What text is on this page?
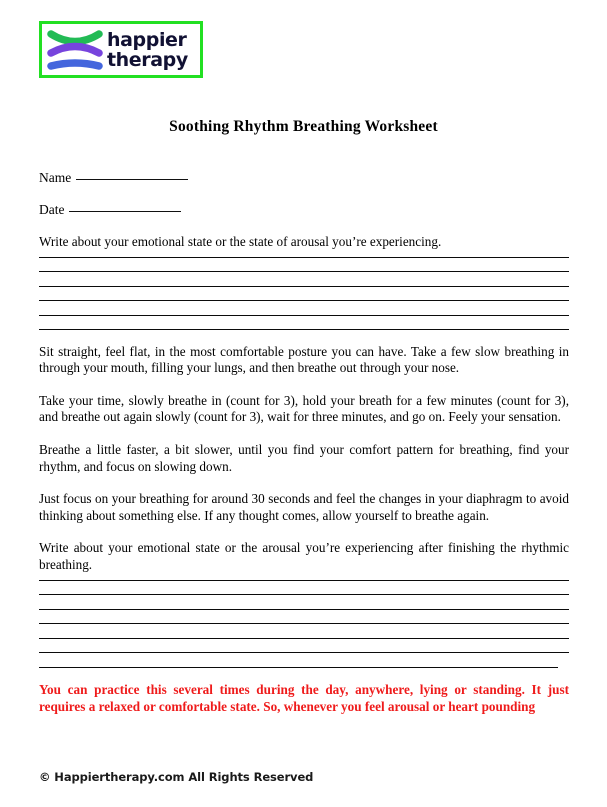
happier
therapy
Soothing Rhythm Breathing Worksheet
Name
Date

Write about your emotional state or the state of arousal you’re experiencing.

Sit straight, feel flat, in the most comfortable posture you can have. Take a few slow breathing in through your mouth, filling your lungs, and then breathe out through your nose.

Take your time, slowly breathe in (count for 3), hold your breath for a few minutes (count for 3), and breathe out again slowly (count for 3), wait for three minutes, and go on. Feely your sensation.

Breathe a little faster, a bit slower, until you find your comfort pattern for breathing, find your rhythm, and focus on slowing down.

Just focus on your breathing for around 30 seconds and feel the changes in your diaphragm to avoid thinking about something else. If any thought comes, allow yourself to breathe again.

Write about your emotional state or the arousal you’re experiencing after finishing the rhythmic breathing.

You can practice this several times during the day, anywhere, lying or standing. It just requires a relaxed or comfortable state. So, whenever you feel arousal or heart pounding

© Happiertherapy.com All Rights Reserved
